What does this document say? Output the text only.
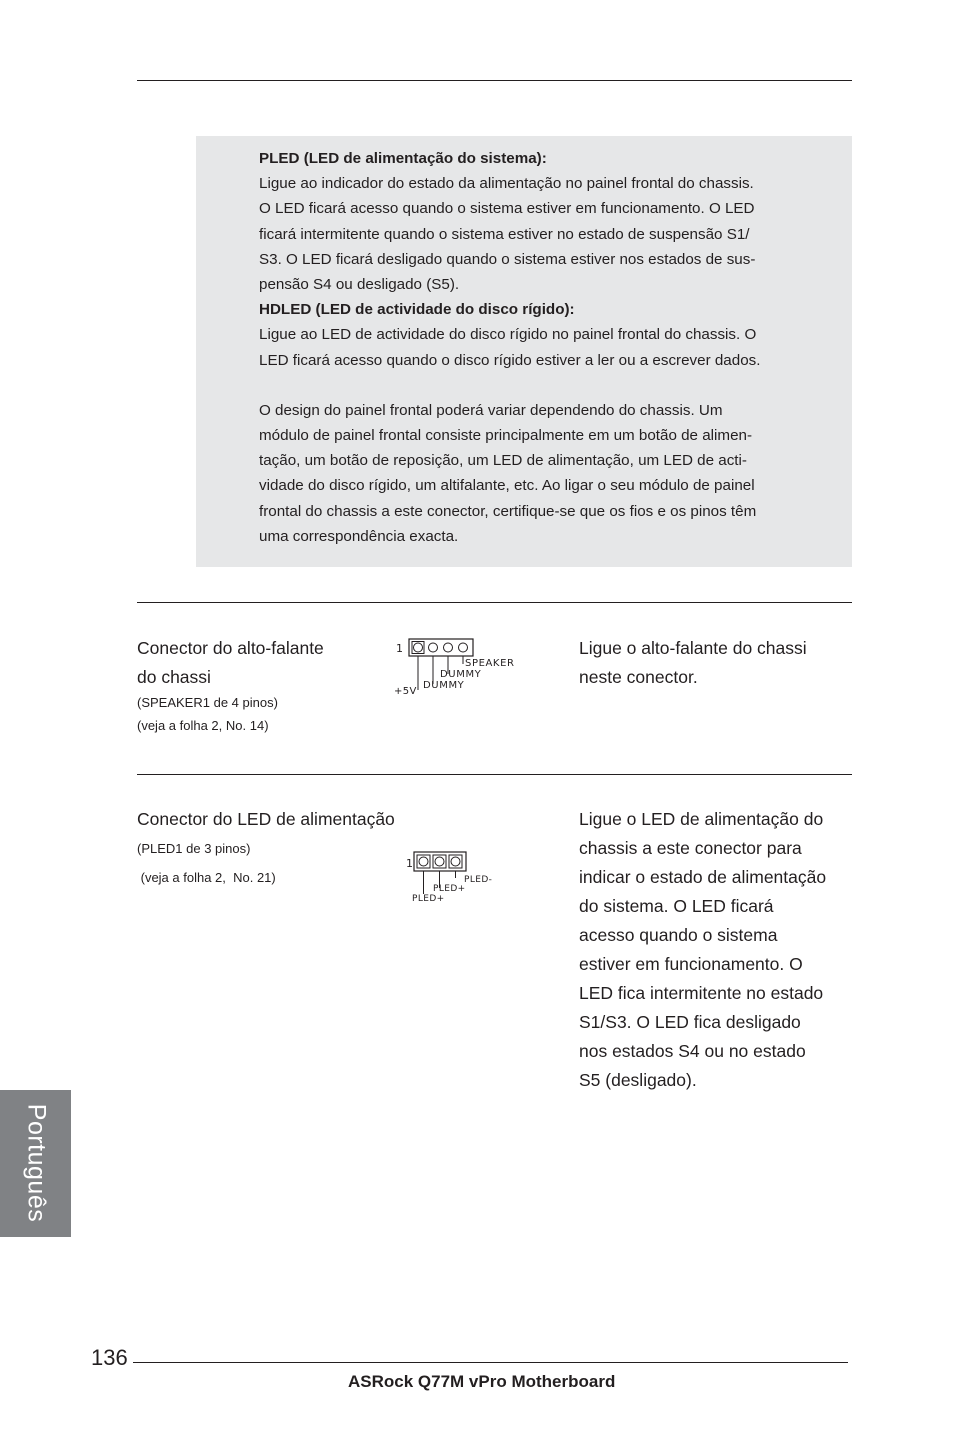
PLED (LED de alimentação do sistema):

Ligue ao indicador do estado da alimentação no painel frontal do chassis.

O LED ficará acesso quando o sistema estiver em funcionamento. O LED

ficará intermitente quando o sistema estiver no estado de suspensão S1/

S3. O LED ficará desligado quando o sistema estiver nos estados de sus-

pensão S4 ou desligado (S5).

HDLED (LED de actividade do disco rígido):

Ligue ao LED de actividade do disco rígido no painel frontal do chassis. O

LED ficará acesso quando o disco rígido estiver a ler ou a escrever dados.

O design do painel frontal poderá variar dependendo do chassis. Um

módulo de painel frontal consiste principalmente em um botão de alimen-

tação, um botão de reposição, um LED de alimentação, um LED de acti-

vidade do disco rígido, um altifalante, etc. Ao ligar o seu módulo de painel

frontal do chassis a este conector, certifique-se que os fios e os pinos têm

uma correspondência exacta.

Conector do alto-falante
do chassi
(SPEAKER1 de 4 pinos)
(veja a folha 2, No. 14)
1
SPEAKER
DUMMY
DUMMY
+5V
Ligue o alto-falante do chassi
neste conector.
Conector do LED de alimentação
(PLED1 de 3 pinos)
(veja a folha 2,  No. 21)
1
PLED-
PLED+
PLED+
Ligue o LED de alimentação do
chassis a este conector para
indicar o estado de alimentação
do sistema. O LED ficará
acesso quando o sistema
estiver em funcionamento. O
LED fica intermitente no estado
S1/S3. O LED fica desligado
nos estados S4 ou no estado
S5 (desligado).
Português
136
ASRock Q77M vPro Motherboard
